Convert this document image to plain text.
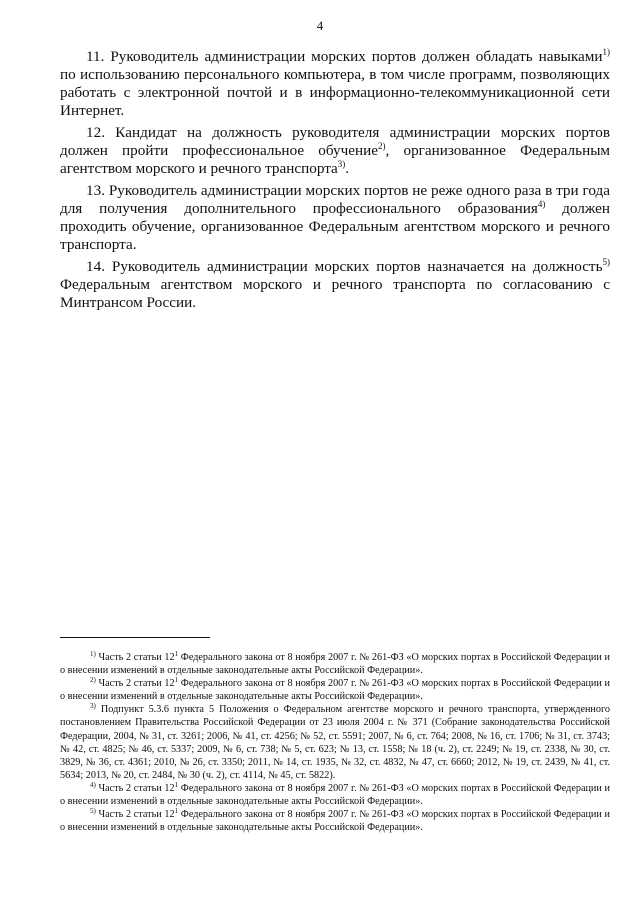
4

11. Руководитель администрации морских портов должен обладать навыками$^{1)}$ по использованию персонального компьютера, в том числе программ, позволяющих работать с электронной почтой и в информационно-телекоммуникационной сети Интернет.

12. Кандидат на должность руководителя администрации морских портов должен пройти профессиональное обучение$^{2)}$, организованное Федеральным агентством морского и речного транспорта$^{3)}$.

13. Руководитель администрации морских портов не реже одного раза в три года для получения дополнительного профессионального образования$^{4)}$ должен проходить обучение, организованное Федеральным агентством морского и речного транспорта.

14. Руководитель администрации морских портов назначается на должность$^{5)}$ Федеральным агентством морского и речного транспорта по согласованию с Минтрансом России.

$^{1)}$ Часть 2 статьи $12^1$ Федерального закона от 8 ноября 2007 г. № 261-ФЗ «О морских портах в Российской Федерации и о внесении изменений в отдельные законодательные акты Российской Федерации».

$^{2)}$ Часть 2 статьи $12^1$ Федерального закона от 8 ноября 2007 г. № 261-ФЗ «О морских портах в Российской Федерации и о внесении изменений в отдельные законодательные акты Российской Федерации».

$^{3)}$ Подпункт 5.3.6 пункта 5 Положения о Федеральном агентстве морского и речного транспорта, утвержденного постановлением Правительства Российской Федерации от 23 июля 2004 г. № 371 (Собрание законодательства Российской Федерации, 2004, № 31, ст. 3261; 2006, № 41, ст. 4256; № 52, ст. 5591; 2007, № 6, ст. 764; 2008, № 16, ст. 1706; № 31, ст. 3743; № 42, ст. 4825; № 46, ст. 5337; 2009, № 6, ст. 738; № 5, ст. 623; № 13, ст. 1558; № 18 (ч. 2), ст. 2249; № 19, ст. 2338, № 30, ст. 3829, № 36, ст. 4361; 2010, № 26, ст. 3350; 2011, № 14, ст. 1935, № 32, ст. 4832, № 47, ст. 6660; 2012, № 19, ст. 2439, № 41, ст. 5634; 2013, № 20, ст. 2484, № 30 (ч. 2), ст. 4114, № 45, ст. 5822).

$^{4)}$ Часть 2 статьи $12^1$ Федерального закона от 8 ноября 2007 г. № 261-ФЗ «О морских портах в Российской Федерации и о внесении изменений в отдельные законодательные акты Российской Федерации».

$^{5)}$ Часть 2 статьи $12^1$ Федерального закона от 8 ноября 2007 г. № 261-ФЗ «О морских портах в Российской Федерации и о внесении изменений в отдельные законодательные акты Российской Федерации».
